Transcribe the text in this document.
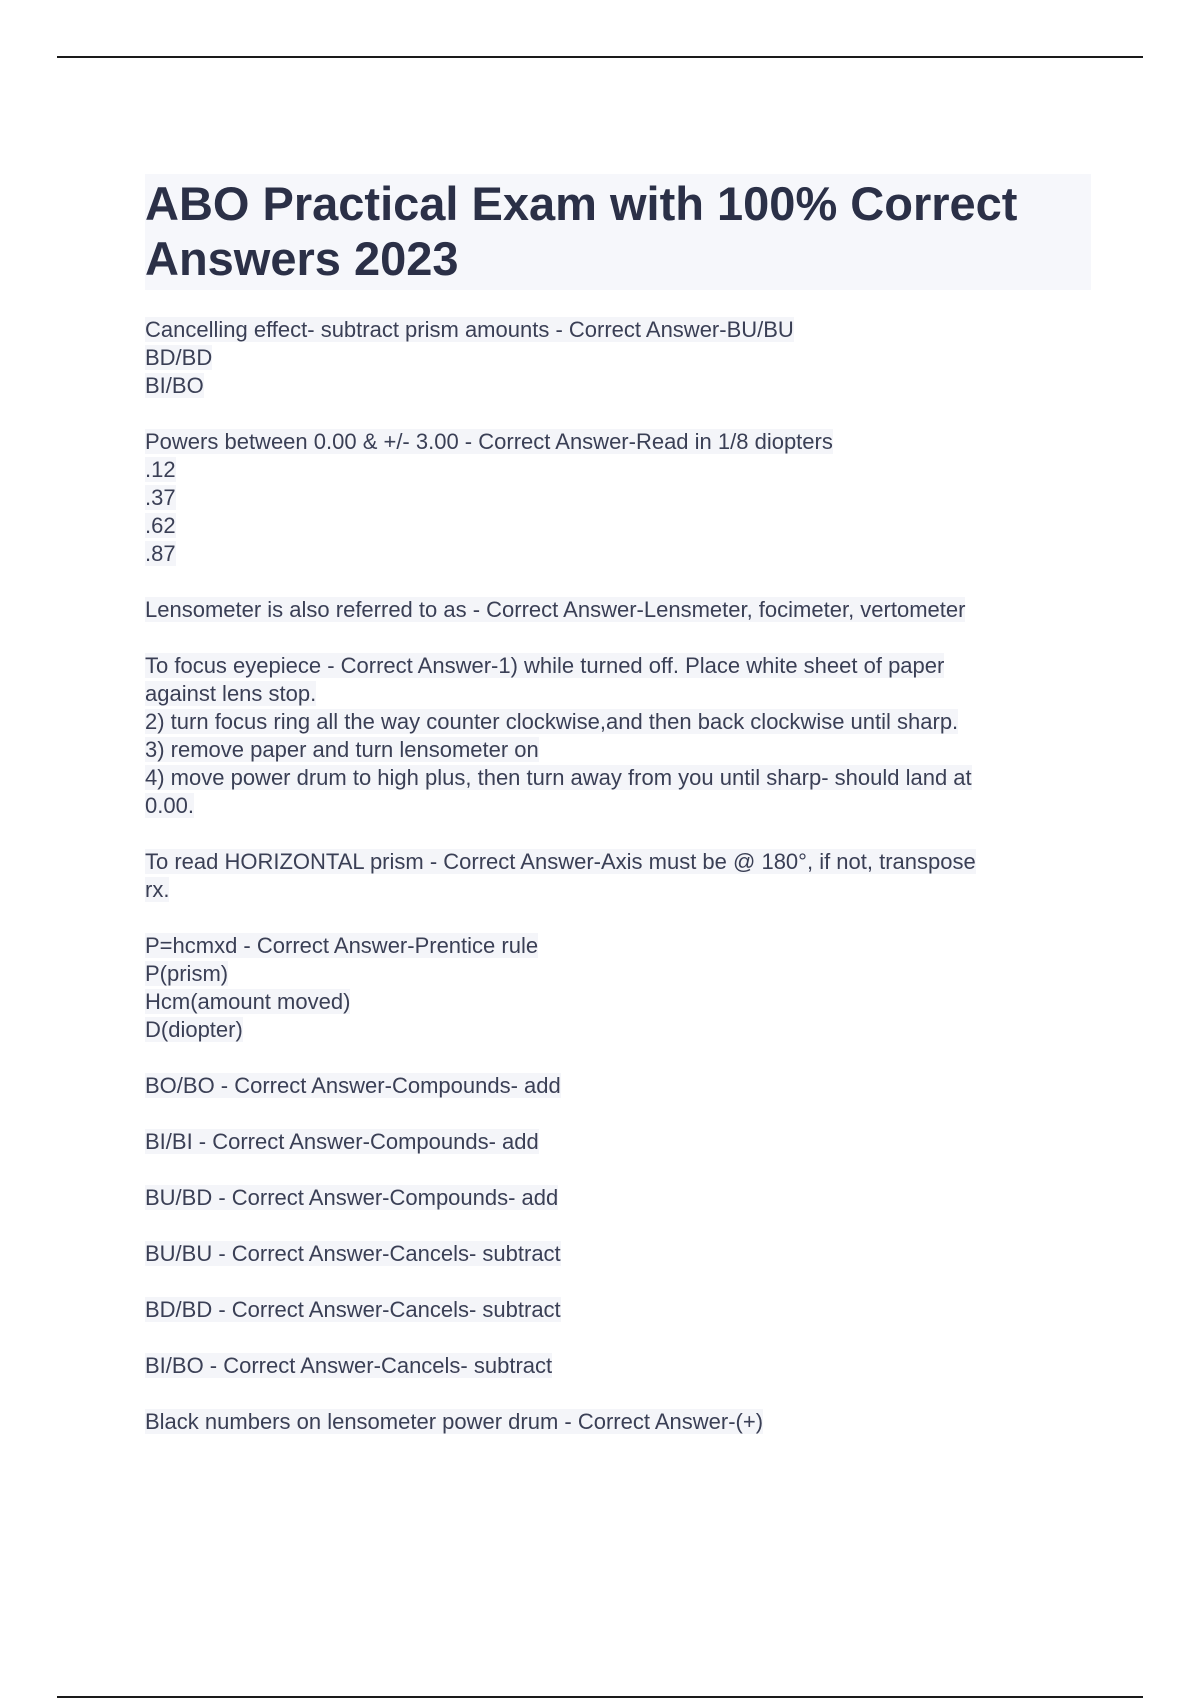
ABO Practical Exam with 100% Correct
Answers 2023
Cancelling effect- subtract prism amounts - Correct Answer-BU/BU
BD/BD
BI/BO
Powers between 0.00 & +/- 3.00 - Correct Answer-Read in 1/8 diopters
.12
.37
.62
.87
Lensometer is also referred to as - Correct Answer-Lensmeter, focimeter, vertometer
To focus eyepiece - Correct Answer-1) while turned off. Place white sheet of paper
against lens stop.
2) turn focus ring all the way counter clockwise,and then back clockwise until sharp.
3) remove paper and turn lensometer on
4) move power drum to high plus, then turn away from you until sharp- should land at
0.00.
To read HORIZONTAL prism - Correct Answer-Axis must be @ 180°, if not, transpose
rx.
P=hcmxd - Correct Answer-Prentice rule
P(prism)
Hcm(amount moved)
D(diopter)
BO/BO - Correct Answer-Compounds- add
BI/BI - Correct Answer-Compounds- add
BU/BD - Correct Answer-Compounds- add
BU/BU - Correct Answer-Cancels- subtract
BD/BD - Correct Answer-Cancels- subtract
BI/BO - Correct Answer-Cancels- subtract
Black numbers on lensometer power drum - Correct Answer-(+)
